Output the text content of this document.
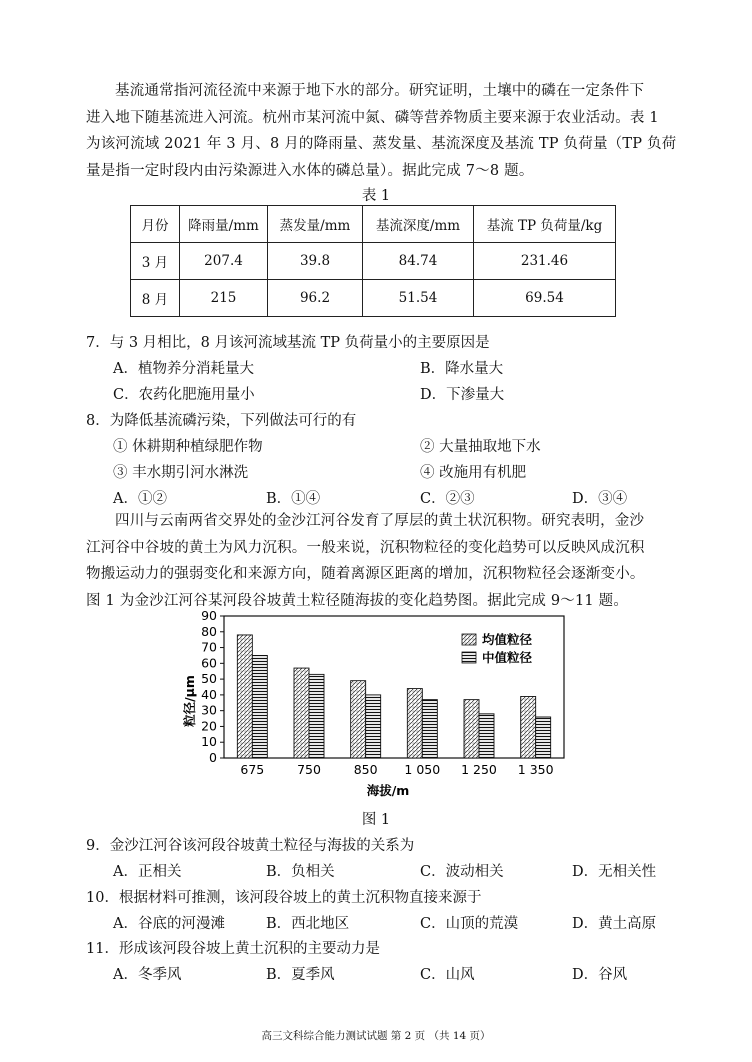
基流通常指河流径流中来源于地下水的部分。研究证明，土壤中的磷在一定条件下
进入地下随基流进入河流。杭州市某河流中氮、磷等营养物质主要来源于农业活动。表 1
为该河流域 2021 年 3 月、8 月的降雨量、蒸发量、基流深度及基流 TP 负荷量（TP 负荷
量是指一定时段内由污染源进入水体的磷总量）。据此完成 7～8 题。

表 1
月份	降雨量/mm	蒸发量/mm	基流深度/mm	基流 TP 负荷量/kg
3 月	207.4	39.8	84.74	231.46
8 月	215	96.2	51.54	69.54
7．与 3 月相比，8 月该河流域基流 TP 负荷量小的主要原因是
A．植物养分消耗量大	B．降水量大
C．农药化肥施用量小	D．下渗量大
8．为降低基流磷污染，下列做法可行的有
① 休耕期种植绿肥作物	② 大量抽取地下水
③ 丰水期引河水淋洗	④ 改施用有机肥
A．①②	B．①④	C．②③	D．③④

四川与云南两省交界处的金沙江河谷发育了厚层的黄土状沉积物。研究表明，金沙
江河谷中谷坡的黄土为风力沉积。一般来说，沉积物粒径的变化趋势可以反映风成沉积
物搬运动力的强弱变化和来源方向，随着离源区距离的增加，沉积物粒径会逐渐变小。
图 1 为金沙江河谷某河段谷坡黄土粒径随海拔的变化趋势图。据此完成 9～11 题。

0
10
20
30
40
50
60
70
80
90
675	750	850 1 050 1 250 1 350
均值粒径
中值粒径
海拔/m
粒径/μm
图 1
9．金沙江河谷该河段谷坡黄土粒径与海拔的关系为
A．正相关	B．负相关	C．波动相关	D．无相关性
10．根据材料可推测，该河段谷坡上的黄土沉积物直接来源于
A．谷底的河漫滩	B．西北地区	C．山顶的荒漠	D．黄土高原
11．形成该河段谷坡上黄土沉积的主要动力是
A．冬季风	B．夏季风	C．山风	D．谷风
高三文科综合能力测试试题 第 2 页 （共 14 页）
